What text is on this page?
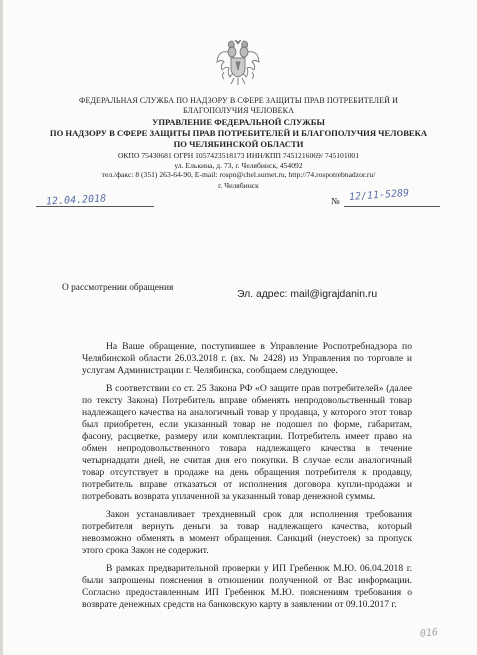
ФЕДЕРАЛЬНАЯ СЛУЖБА ПО НАДЗОРУ В СФЕРЕ ЗАЩИТЫ ПРАВ ПОТРЕБИТЕЛЕЙ И БЛАГОПОЛУЧИЯ ЧЕЛОВЕКА
УПРАВЛЕНИЕ ФЕДЕРАЛЬНОЙ СЛУЖБЫ
ПО НАДЗОРУ В СФЕРЕ ЗАЩИТЫ ПРАВ ПОТРЕБИТЕЛЕЙ И БЛАГОПОЛУЧИЯ ЧЕЛОВЕКА
ПО ЧЕЛЯБИНСКОЙ ОБЛАСТИ
ОКПО 75430681 ОГРН 1057423518173 ИНН/КПП 7451216069/ 745101001
ул. Елькина, д. 73, г. Челябинск, 454092
тел./факс: 8 (351) 263-64-90, E-mail: rospn@chel.surnet.ru, http://74.rospotrebnadzor.ru/
г. Челябинск
12.04.2018	№ 12/11-5289
О рассмотрении обращения
Эл. адрес: mail@igrajdanin.ru

На Ваше обращение, поступившее в Управление Роспотребнадзора по Челябинской области 26.03.2018 г. (вх. № 2428) из Управления по торговле и услугам Администрации г. Челябинска, сообщаем следующее.

В соответствии со ст. 25 Закона РФ «О защите прав потребителей» (далее по тексту Закона) Потребитель вправе обменять непродовольственный товар надлежащего качества на аналогичный товар у продавца, у которого этот товар был приобретен, если указанный товар не подошел по форме, габаритам, фасону, расцветке, размеру или комплектации. Потребитель имеет право на обмен непродовольственного товара надлежащего качества в течение четырнадцати дней, не считая дня его покупки. В случае если аналогичный товар отсутствует в продаже на день обращения потребителя к продавцу, потребитель вправе отказаться от исполнения договора купли-продажи и потребовать возврата уплаченной за указанный товар денежной суммы.

Закон устанавливает трехдневный срок для исполнения требования потребителя вернуть деньги за товар надлежащего качества, который невозможно обменять в момент обращения. Санкций (неустоек) за пропуск этого срока Закон не содержит.

В рамках предварительной проверки у ИП Гребенюк М.Ю. 06.04.2018 г. были запрошены пояснения в отношении полученной от Вас информации. Согласно предоставленным ИП Гребенюк М.Ю. пояснениям требования о возврате денежных средств на банковскую карту в заявлении от 09.10.2017 г.

016
